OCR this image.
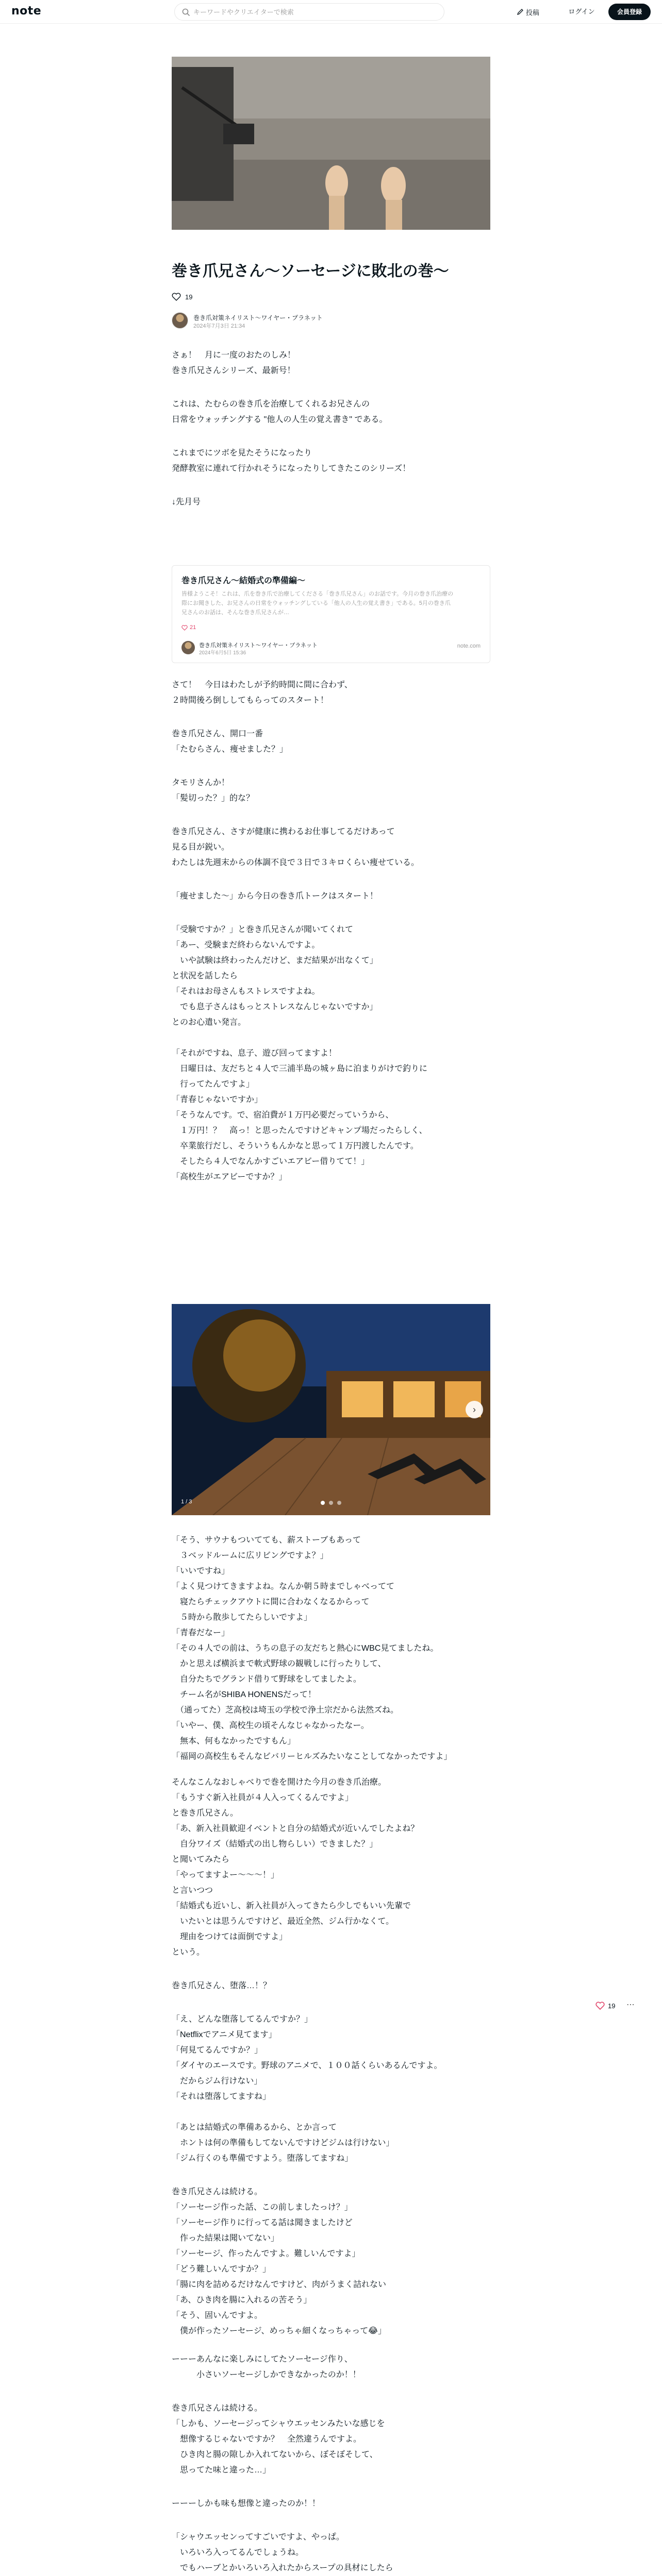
note
キーワードやクリエイターで検索	投稿	ログイン	会員登録
巻き爪兄さん〜ソーセージに敗北の巻〜
19
巻き爪対策ネイリスト〜ワイヤー・プラネット
2024年7月3日 21:34

さぁ！　月に一度のおたのしみ！
巻き爪兄さんシリーズ、最新号！

これは、たむらの巻き爪を治療してくれるお兄さんの
日常をウォッチングする "他人の人生の覚え書き" である。

これまでにツボを見たそうになったり
発酵教室に連れて行かれそうになったりしてきたこのシリーズ！

↓先月号

巻き爪兄さん〜結婚式の準備編〜
皆様ようこそ！これは、爪を巻き爪で治療してくださる「巻き爪兄さん」のお話です。今月の巻き爪治療の際にお聞きした、お兄さんの日常をウォッチングしている「他人の人生の覚え書き」である。5月の巻き爪兄さんのお話は、そんな巻き爪兄さんが…
21
巻き爪対策ネイリスト〜ワイヤー・プラネット
2024年6月5日 15:36
note.com

さて！　今日はわたしが予約時間に間に合わず、
２時間後ろ倒ししてもらってのスタート！

巻き爪兄さん、開口一番
「たむらさん、痩せました？」

タモリさんか！
「髪切った？」的な？

巻き爪兄さん、さすが健康に携わるお仕事してるだけあって
見る目が鋭い。
わたしは先週末からの体調不良で３日で３キロくらい痩せている。

「痩せました〜」から今日の巻き爪トークはスタート！

「受験ですか？」と巻き爪兄さんが聞いてくれて
「あー、受験まだ終わらないんですよ。
　いや試験は終わったんだけど、まだ結果が出なくて」
と状況を話したら
「それはお母さんもストレスですよね。
　でも息子さんはもっとストレスなんじゃないですか」
とのお心遣い発言。

「それがですね、息子、遊び回ってますよ！
　日曜日は、友だちと４人で三浦半島の城ヶ島に泊まりがけで釣りに
　行ってたんですよ」
「青春じゃないですか」
「そうなんです。で、宿泊費が１万円必要だっていうから、
　１万円！？　高っ！と思ったんですけどキャンプ場だったらしく、
　卒業旅行だし、そういうもんかなと思って１万円渡したんです。
　そしたら４人でなんかすごいエアビー借りてて！」
「高校生がエアビーですか？」

›
1 / 3

「そう、サウナもついてても、薪ストーブもあって
　３ベッドルームに広リビングですよ？」
「いいですね」
「よく見つけてきますよね。なんか朝５時までしゃべってて
　寝たらチェックアウトに間に合わなくなるからって
　５時から散歩してたらしいですよ」
「青春だなー」
「その４人での前は、うちの息子の友だちと熱心にWBC見てましたね。
　かと思えば横浜まで軟式野球の観戦しに行ったりして、
　自分たちでグランド借りて野球をしてましたよ。
　チーム名がSHIBA HONENSだって！
　（通ってた）芝高校は埼玉の学校で浄土宗だから法然ズね。
「いやー、僕、高校生の頃そんなじゃなかったなー。
　無本、何もなかったですもん」
「福岡の高校生もそんなビバリーヒルズみたいなことしてなかったですよ」

そんなこんなおしゃべりで巻を開けた今月の巻き爪治療。
「もうすぐ新入社員が４人入ってくるんですよ」
と巻き爪兄さん。
「あ、新入社員歓迎イベントと自分の結婚式が近いんでしたよね？
　自分ワイズ（結婚式の出し物らしい）できました？」
と聞いてみたら
「やってますよー〜〜〜！」
と言いつつ
「結婚式も近いし、新入社員が入ってきたら少しでもいい先輩で
　いたいとは思うんですけど、最近全然、ジム行かなくて。
　理由をつけては面倒ですよ」
という。

巻き爪兄さん、堕落…！？

「え、どんな堕落してるんですか？」
「Netflixでアニメ見てます」
「何見てるんですか？」
「ダイヤのエースです。野球のアニメで、１００話くらいあるんですよ。
　だからジム行けない」
「それは堕落してますね」

「あとは結婚式の準備あるから、とか言って
　ホントは何の準備もしてないんですけどジムは行けない」
「ジム行くのも準備ですよう。堕落してますね」

巻き爪兄さんは続ける。
「ソーセージ作った話、この前しましたっけ？」
「ソーセージ作りに行ってる話は聞きましたけど
　作った結果は聞いてない」
「ソーセージ、作ったんですよ。難しいんですよ」
「どう難しいんですか？」
「腸に肉を詰めるだけなんですけど、肉がうまく詰れない
「あ、ひき肉を腸に入れるの苦そう」
「そう、固いんですよ。
　僕が作ったソーセージ、めっちゃ細くなっちゃって😂」

ーーーあんなに楽しみにしてたソーセージ作り、
　　　小さいソーセージしかできなかったのか！！

巻き爪兄さんは続ける。
「しかも、ソーセージってシャウエッセンみたいな感じを
　想像するじゃないですか？　全然違うんですよ。
　ひき肉と腸の隙しか入れてないから、ぼそぼそして、
　思ってた味と違った…」

ーーーしかも味も想像と違ったのか！！

「シャウエッセンってすごいですよ、やっぱ。
　いろいろ入ってるんでしょうね。
　でもハーブとかいろいろ入れたからスープの具材にしたら

19 ⋯
